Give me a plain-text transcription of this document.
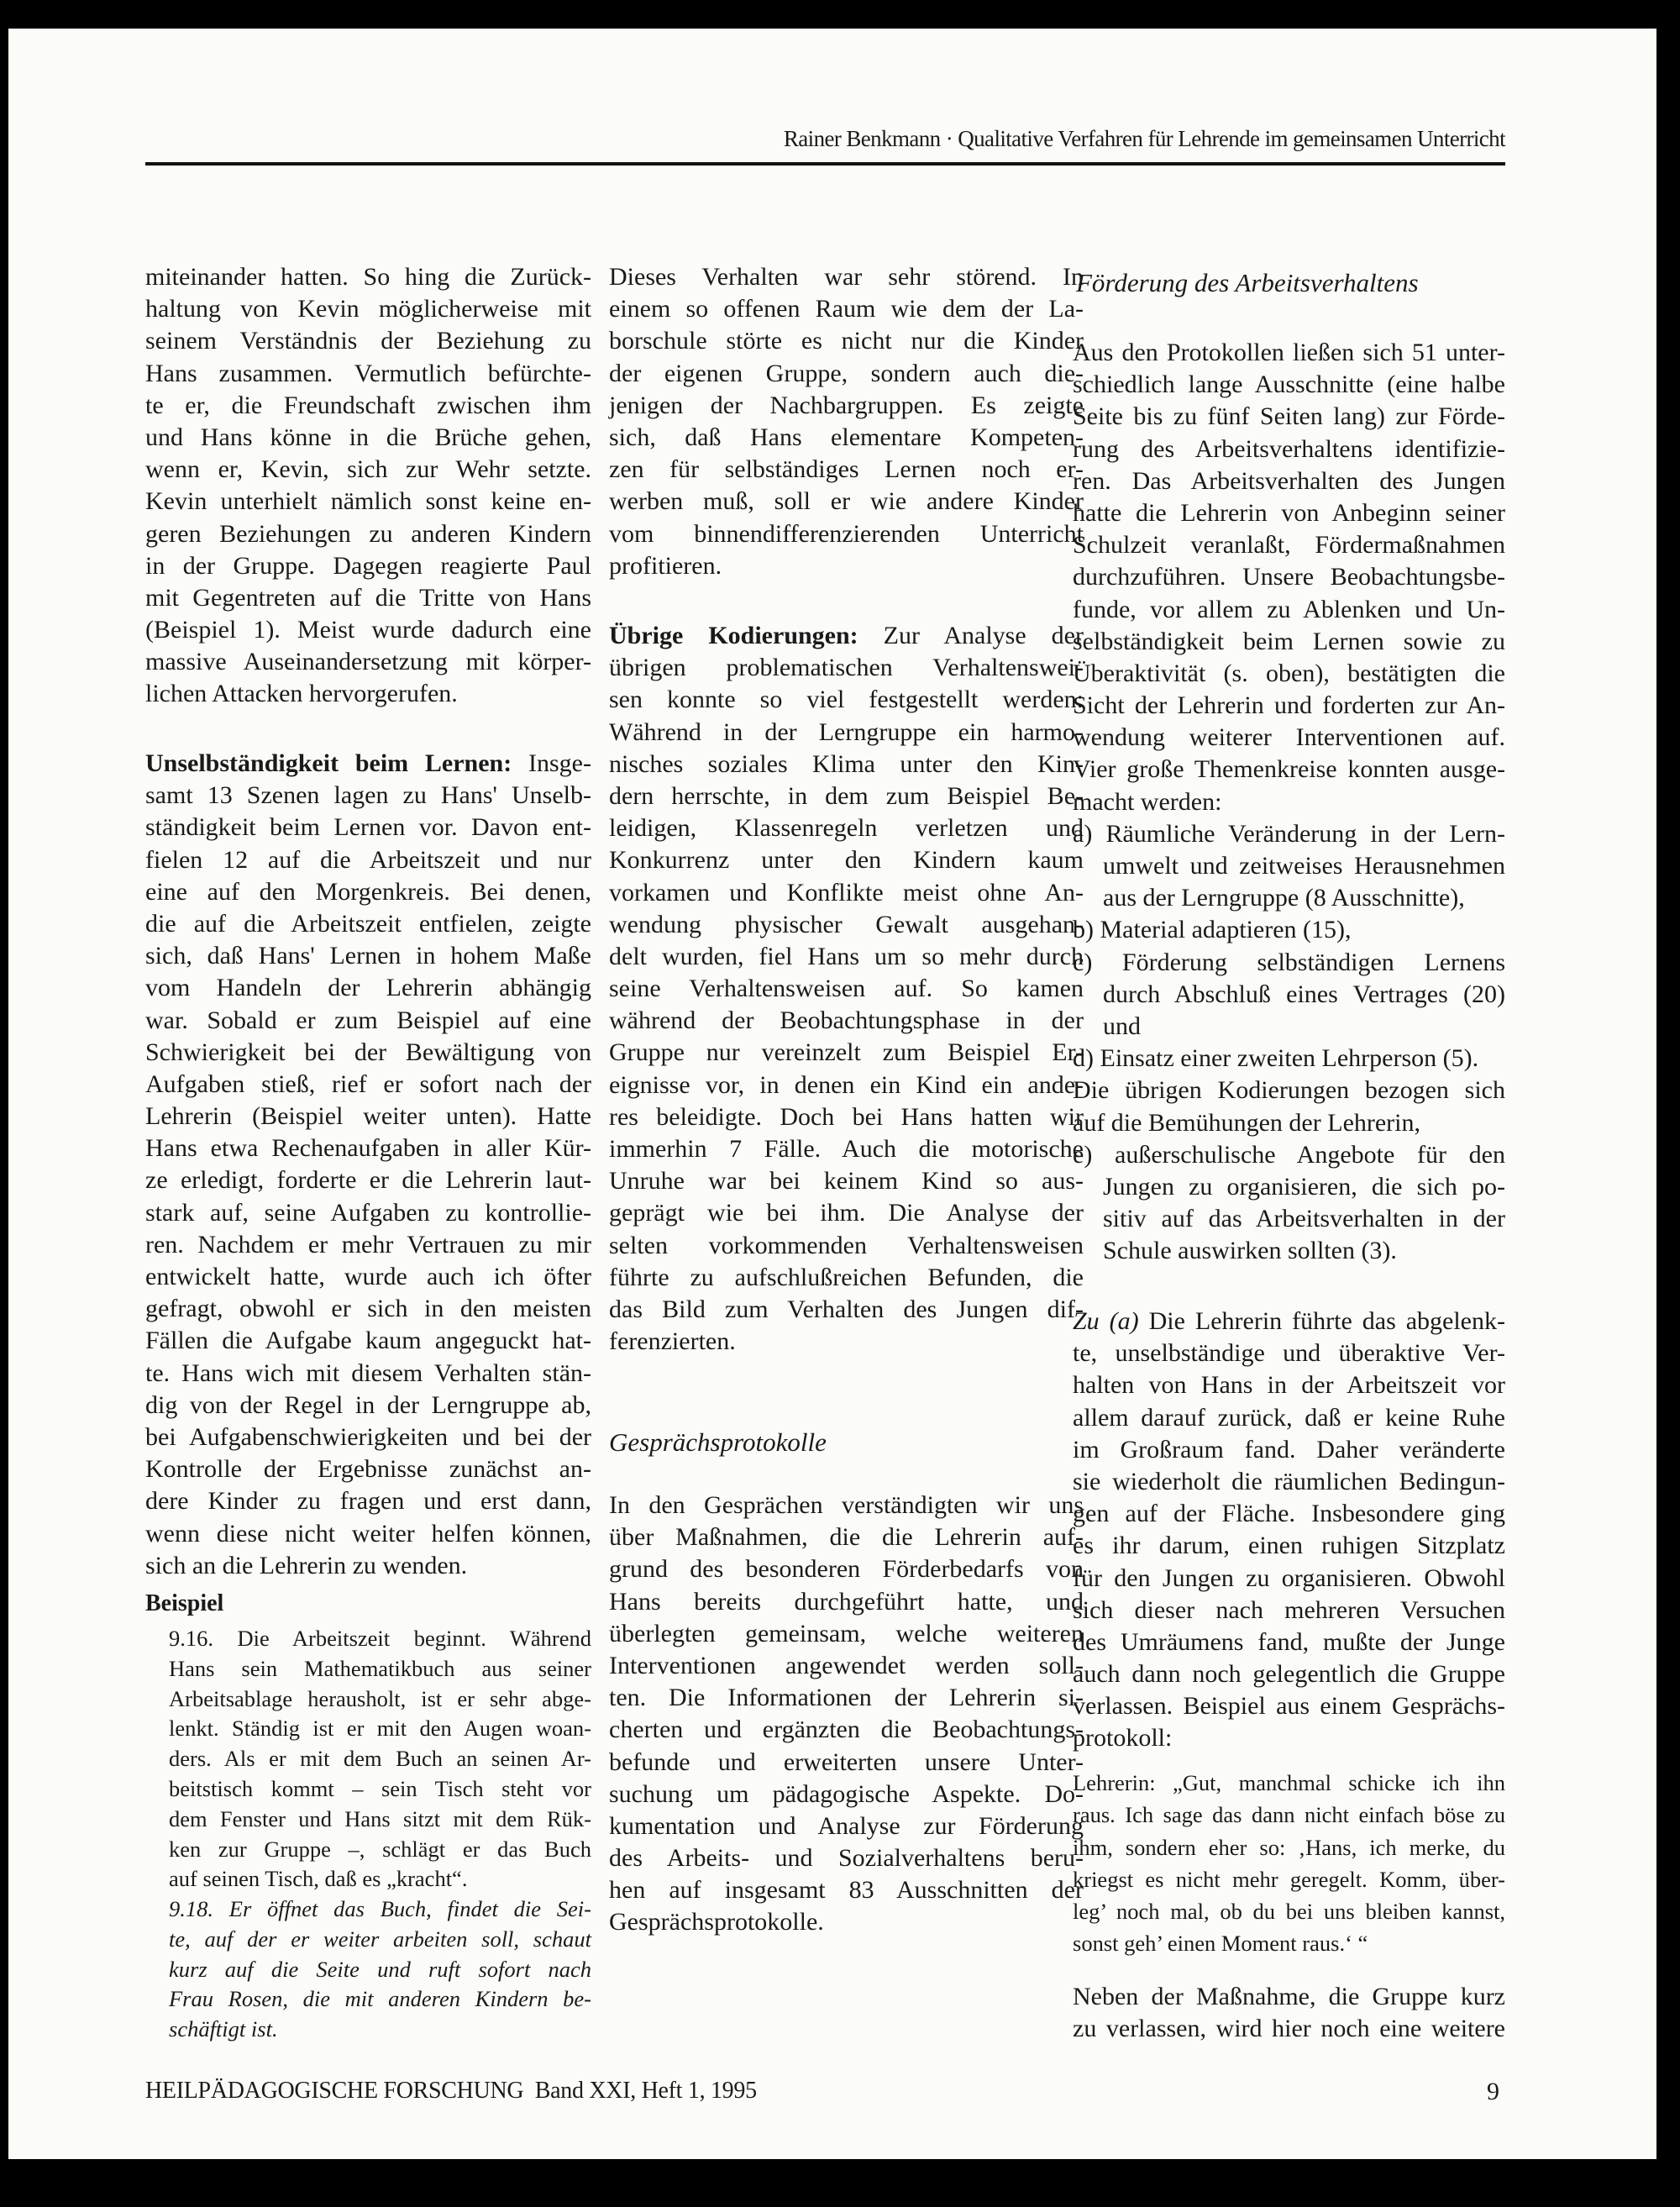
Rainer Benkmann · Qualitative Verfahren für Lehrende im gemeinsamen Unterricht
miteinander hatten. So hing die Zurück-
haltung von Kevin möglicherweise mit
seinem Verständnis der Beziehung zu
Hans zusammen. Vermutlich befürchte-
te er, die Freundschaft zwischen ihm
und Hans könne in die Brüche gehen,
wenn er, Kevin, sich zur Wehr setzte.
Kevin unterhielt nämlich sonst keine en-
geren Beziehungen zu anderen Kindern
in der Gruppe. Dagegen reagierte Paul
mit Gegentreten auf die Tritte von Hans
(Beispiel 1). Meist wurde dadurch eine
massive Auseinandersetzung mit körper-
lichen Attacken hervorgerufen.
Unselbständigkeit beim Lernen: Insge-
samt 13 Szenen lagen zu Hans' Unselb-
ständigkeit beim Lernen vor. Davon ent-
fielen 12 auf die Arbeitszeit und nur
eine auf den Morgenkreis. Bei denen,
die auf die Arbeitszeit entfielen, zeigte
sich, daß Hans' Lernen in hohem Maße
vom Handeln der Lehrerin abhängig
war. Sobald er zum Beispiel auf eine
Schwierigkeit bei der Bewältigung von
Aufgaben stieß, rief er sofort nach der
Lehrerin (Beispiel weiter unten). Hatte
Hans etwa Rechenaufgaben in aller Kür-
ze erledigt, forderte er die Lehrerin laut-
stark auf, seine Aufgaben zu kontrollie-
ren. Nachdem er mehr Vertrauen zu mir
entwickelt hatte, wurde auch ich öfter
gefragt, obwohl er sich in den meisten
Fällen die Aufgabe kaum angeguckt hat-
te. Hans wich mit diesem Verhalten stän-
dig von der Regel in der Lerngruppe ab,
bei Aufgabenschwierigkeiten und bei der
Kontrolle der Ergebnisse zunächst an-
dere Kinder zu fragen und erst dann,
wenn diese nicht weiter helfen können,
sich an die Lehrerin zu wenden.
Beispiel
9.16. Die Arbeitszeit beginnt. Während
Hans sein Mathematikbuch aus seiner
Arbeitsablage herausholt, ist er sehr abge-
lenkt. Ständig ist er mit den Augen woan-
ders. Als er mit dem Buch an seinen Ar-
beitstisch kommt – sein Tisch steht vor
dem Fenster und Hans sitzt mit dem Rük-
ken zur Gruppe –, schlägt er das Buch
auf seinen Tisch, daß es „kracht“.
9.18. Er öffnet das Buch, findet die Sei-
te, auf der er weiter arbeiten soll, schaut
kurz auf die Seite und ruft sofort nach
Frau Rosen, die mit anderen Kindern be-
schäftigt ist.
Dieses Verhalten war sehr störend. In
einem so offenen Raum wie dem der La-
borschule störte es nicht nur die Kinder
der eigenen Gruppe, sondern auch die-
jenigen der Nachbargruppen. Es zeigte
sich, daß Hans elementare Kompeten-
zen für selbständiges Lernen noch er-
werben muß, soll er wie andere Kinder
vom binnendifferenzierenden Unterricht
profitieren.
Übrige Kodierungen: Zur Analyse der
übrigen problematischen Verhaltenswei-
sen konnte so viel festgestellt werden:
Während in der Lerngruppe ein harmo-
nisches soziales Klima unter den Kin-
dern herrschte, in dem zum Beispiel Be-
leidigen, Klassenregeln verletzen und
Konkurrenz unter den Kindern kaum
vorkamen und Konflikte meist ohne An-
wendung physischer Gewalt ausgehan-
delt wurden, fiel Hans um so mehr durch
seine Verhaltensweisen auf. So kamen
während der Beobachtungsphase in der
Gruppe nur vereinzelt zum Beispiel Er-
eignisse vor, in denen ein Kind ein ande-
res beleidigte. Doch bei Hans hatten wir
immerhin 7 Fälle. Auch die motorische
Unruhe war bei keinem Kind so aus-
geprägt wie bei ihm. Die Analyse der
selten vorkommenden Verhaltensweisen
führte zu aufschlußreichen Befunden, die
das Bild zum Verhalten des Jungen dif-
ferenzierten.
Gesprächsprotokolle
In den Gesprächen verständigten wir uns
über Maßnahmen, die die Lehrerin auf-
grund des besonderen Förderbedarfs von
Hans bereits durchgeführt hatte, und
überlegten gemeinsam, welche weiteren
Interventionen angewendet werden soll-
ten. Die Informationen der Lehrerin si-
cherten und ergänzten die Beobachtungs-
befunde und erweiterten unsere Unter-
suchung um pädagogische Aspekte. Do-
kumentation und Analyse zur Förderung
des Arbeits- und Sozialverhaltens beru-
hen auf insgesamt 83 Ausschnitten der
Gesprächsprotokolle.
Förderung des Arbeitsverhaltens
Aus den Protokollen ließen sich 51 unter-
schiedlich lange Ausschnitte (eine halbe
Seite bis zu fünf Seiten lang) zur Förde-
rung des Arbeitsverhaltens identifizie-
ren. Das Arbeitsverhalten des Jungen
hatte die Lehrerin von Anbeginn seiner
Schulzeit veranlaßt, Fördermaßnahmen
durchzuführen. Unsere Beobachtungsbe-
funde, vor allem zu Ablenken und Un-
selbständigkeit beim Lernen sowie zu
Überaktivität (s. oben), bestätigten die
Sicht der Lehrerin und forderten zur An-
wendung weiterer Interventionen auf.
Vier große Themenkreise konnten ausge-
macht werden:
a) Räumliche Veränderung in der Lern-
umwelt und zeitweises Herausnehmen
aus der Lerngruppe (8 Ausschnitte),
b) Material adaptieren (15),
c) Förderung selbständigen Lernens
durch Abschluß eines Vertrages (20)
und
d) Einsatz einer zweiten Lehrperson (5).
Die übrigen Kodierungen bezogen sich
auf die Bemühungen der Lehrerin,
e) außerschulische Angebote für den
Jungen zu organisieren, die sich po-
sitiv auf das Arbeitsverhalten in der
Schule auswirken sollten (3).
Zu (a) Die Lehrerin führte das abgelenk-
te, unselbständige und überaktive Ver-
halten von Hans in der Arbeitszeit vor
allem darauf zurück, daß er keine Ruhe
im Großraum fand. Daher veränderte
sie wiederholt die räumlichen Bedingun-
gen auf der Fläche. Insbesondere ging
es ihr darum, einen ruhigen Sitzplatz
für den Jungen zu organisieren. Obwohl
sich dieser nach mehreren Versuchen
des Umräumens fand, mußte der Junge
auch dann noch gelegentlich die Gruppe
verlassen. Beispiel aus einem Gesprächs-
protokoll:
Lehrerin: „Gut, manchmal schicke ich ihn
raus. Ich sage das dann nicht einfach böse zu
ihm, sondern eher so: ‚Hans, ich merke, du
kriegst es nicht mehr geregelt. Komm, über-
leg’ noch mal, ob du bei uns bleiben kannst,
sonst geh’ einen Moment raus.‘ “
Neben der Maßnahme, die Gruppe kurz
zu verlassen, wird hier noch eine weitere
HEILPÄDAGOGISCHE FORSCHUNG  Band XXI, Heft 1, 1995	9
